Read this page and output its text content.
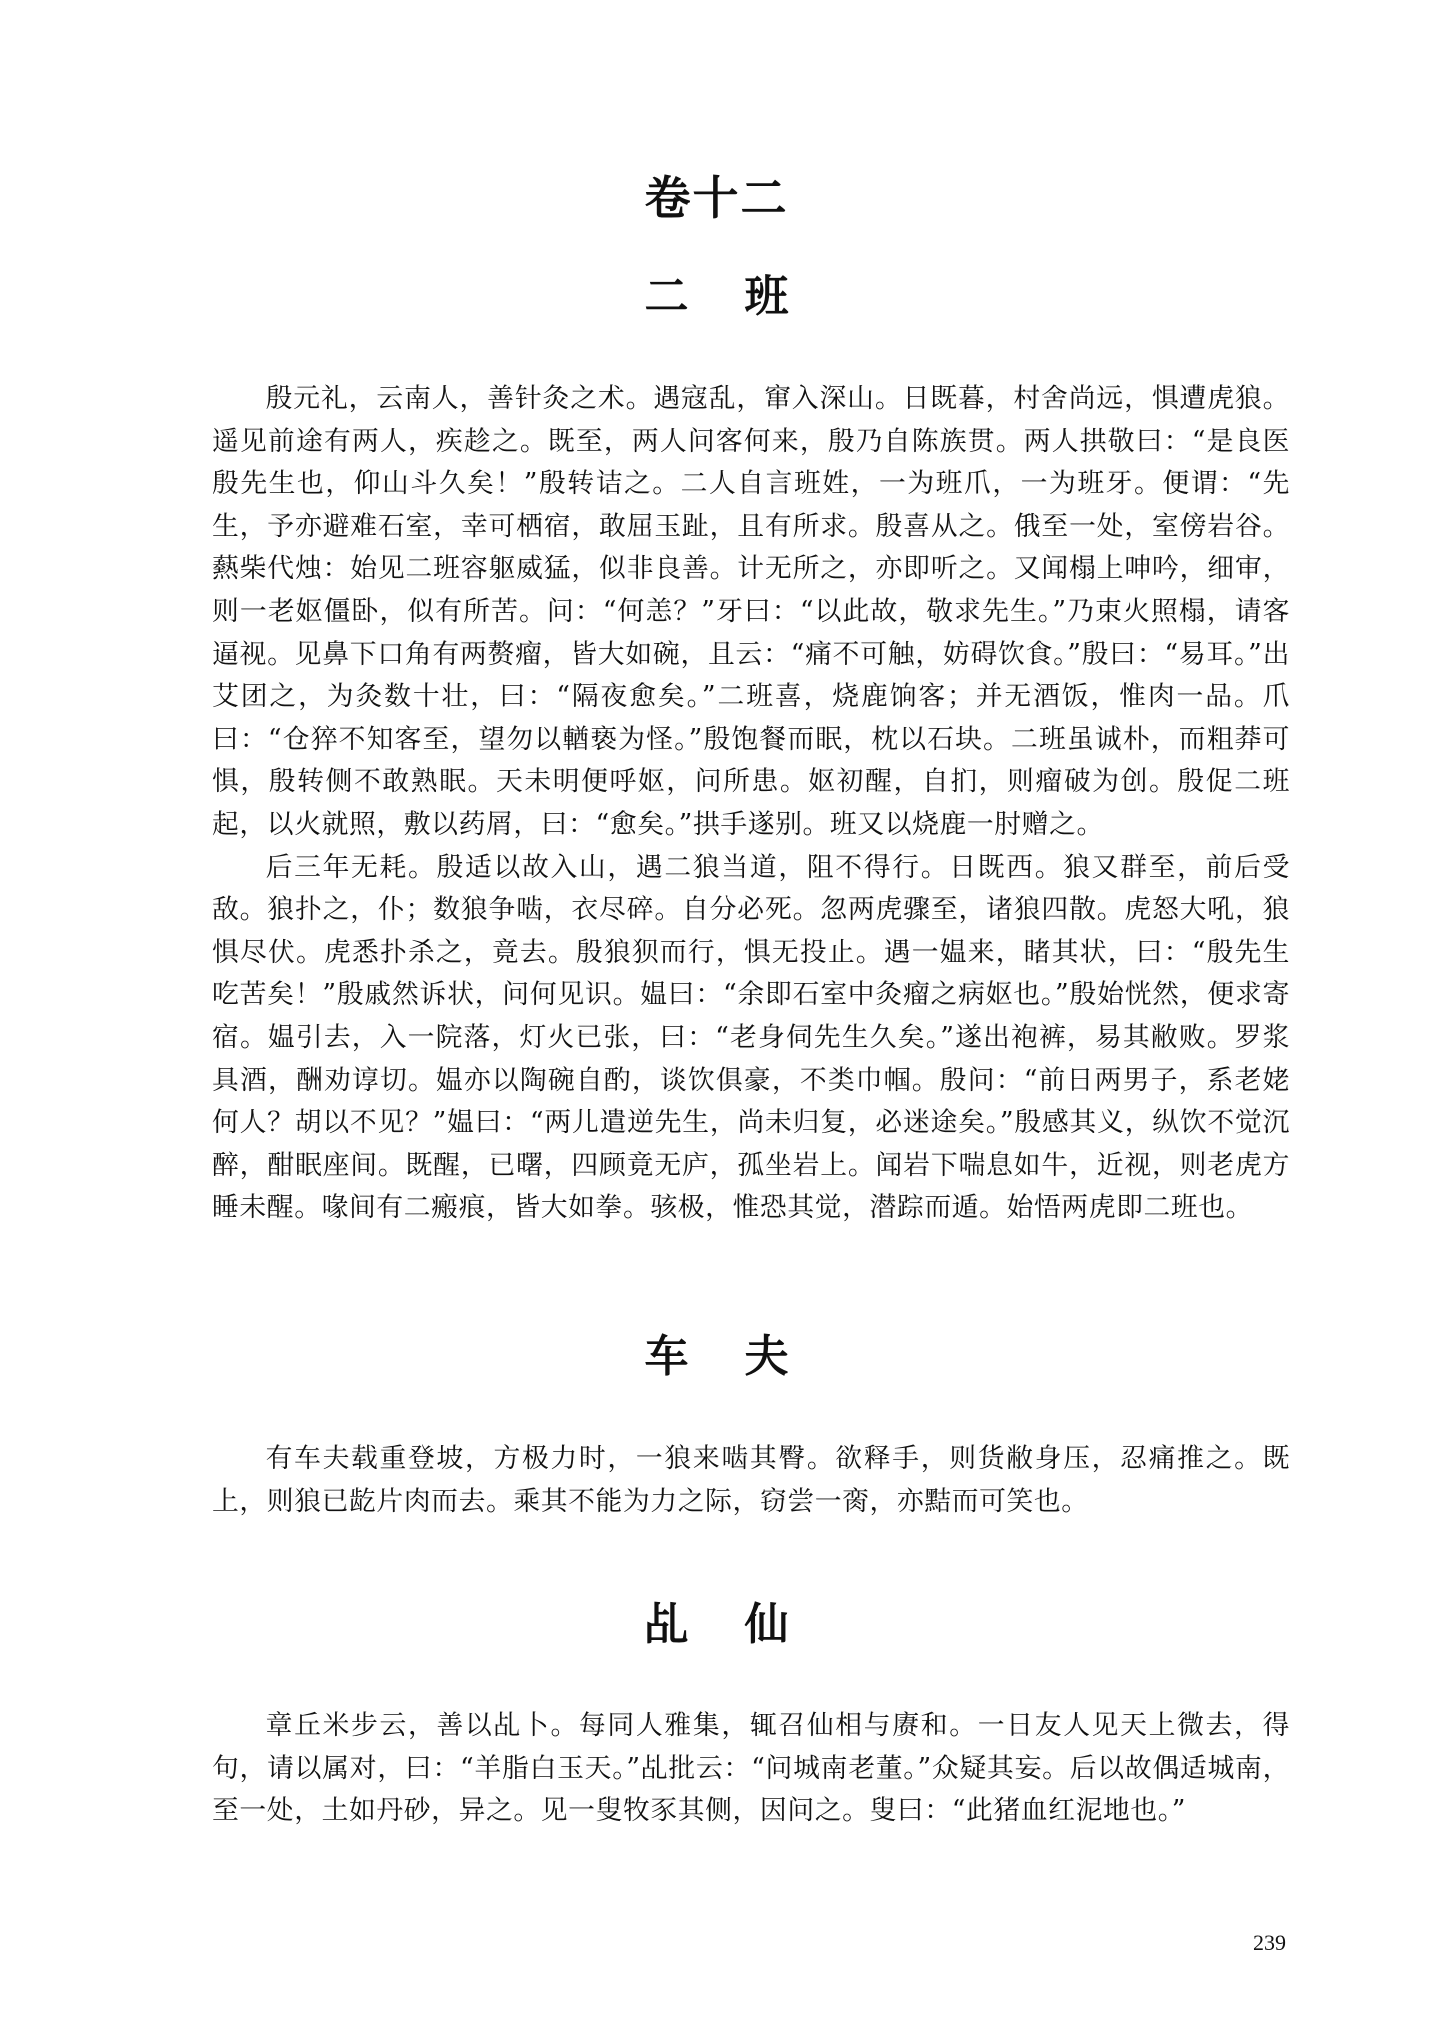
卷十二
二 班

殷元礼，云南人，善针灸之术。遇寇乱，窜入深山。日既暮，村舍尚远，惧遭虎狼。遥见前途有两人，疾趁之。既至，两人问客何来，殷乃自陈族贯。两人拱敬曰：“是良医殷先生也，仰山斗久矣！”殷转诘之。二人自言班姓，一为班爪，一为班牙。便谓：“先生，予亦避难石室，幸可栖宿，敢屈玉趾，且有所求。殷喜从之。俄至一处，室傍岩谷。爇柴代烛：始见二班容躯威猛，似非良善。计无所之，亦即听之。又闻榻上呻吟，细审，则一老妪僵卧，似有所苦。问：“何恙？”牙曰：“以此故，敬求先生。”乃束火照榻，请客逼视。见鼻下口角有两赘瘤，皆大如碗，且云：“痛不可触，妨碍饮食。”殷曰：“易耳。”出艾团之，为灸数十壮，曰：“隔夜愈矣。”二班喜，烧鹿饷客；并无酒饭，惟肉一品。爪曰：“仓猝不知客至，望勿以輶亵为怪。”殷饱餐而眠，枕以石块。二班虽诚朴，而粗莽可惧，殷转侧不敢熟眠。天未明便呼妪，问所患。妪初醒，自扪，则瘤破为创。殷促二班起，以火就照，敷以药屑，曰：“愈矣。”拱手遂别。班又以烧鹿一肘赠之。

后三年无耗。殷适以故入山，遇二狼当道，阻不得行。日既西。狼又群至，前后受敌。狼扑之，仆；数狼争啮，衣尽碎。自分必死。忽两虎骤至，诸狼四散。虎怒大吼，狼惧尽伏。虎悉扑杀之，竟去。殷狼狈而行，惧无投止。遇一媪来，睹其状，曰：“殷先生吃苦矣！”殷戚然诉状，问何见识。媪曰：“余即石室中灸瘤之病妪也。”殷始恍然，便求寄宿。媪引去，入一院落，灯火已张，曰：“老身伺先生久矣。”遂出袍裤，易其敝败。罗浆具酒，酬劝谆切。媪亦以陶碗自酌，谈饮俱豪，不类巾帼。殷问：“前日两男子，系老姥何人？胡以不见？”媪曰：“两儿遣逆先生，尚未归复，必迷途矣。”殷感其义，纵饮不觉沉醉，酣眠座间。既醒，已曙，四顾竟无庐，孤坐岩上。闻岩下喘息如牛，近视，则老虎方睡未醒。喙间有二瘢痕，皆大如拳。骇极，惟恐其觉，潜踪而遁。始悟两虎即二班也。

车 夫

有车夫载重登坡，方极力时，一狼来啮其臀。欲释手，则货敝身压，忍痛推之。既上，则狼已龁片肉而去。乘其不能为力之际，窃尝一脔，亦黠而可笑也。

乩 仙

章丘米步云，善以乩卜。每同人雅集，辄召仙相与赓和。一日友人见天上微去，得句，请以属对，曰：“羊脂白玉天。”乩批云：“问城南老董。”众疑其妄。后以故偶适城南，至一处，土如丹砂，异之。见一叟牧豕其侧，因问之。叟曰：“此猪血红泥地也。”

239
